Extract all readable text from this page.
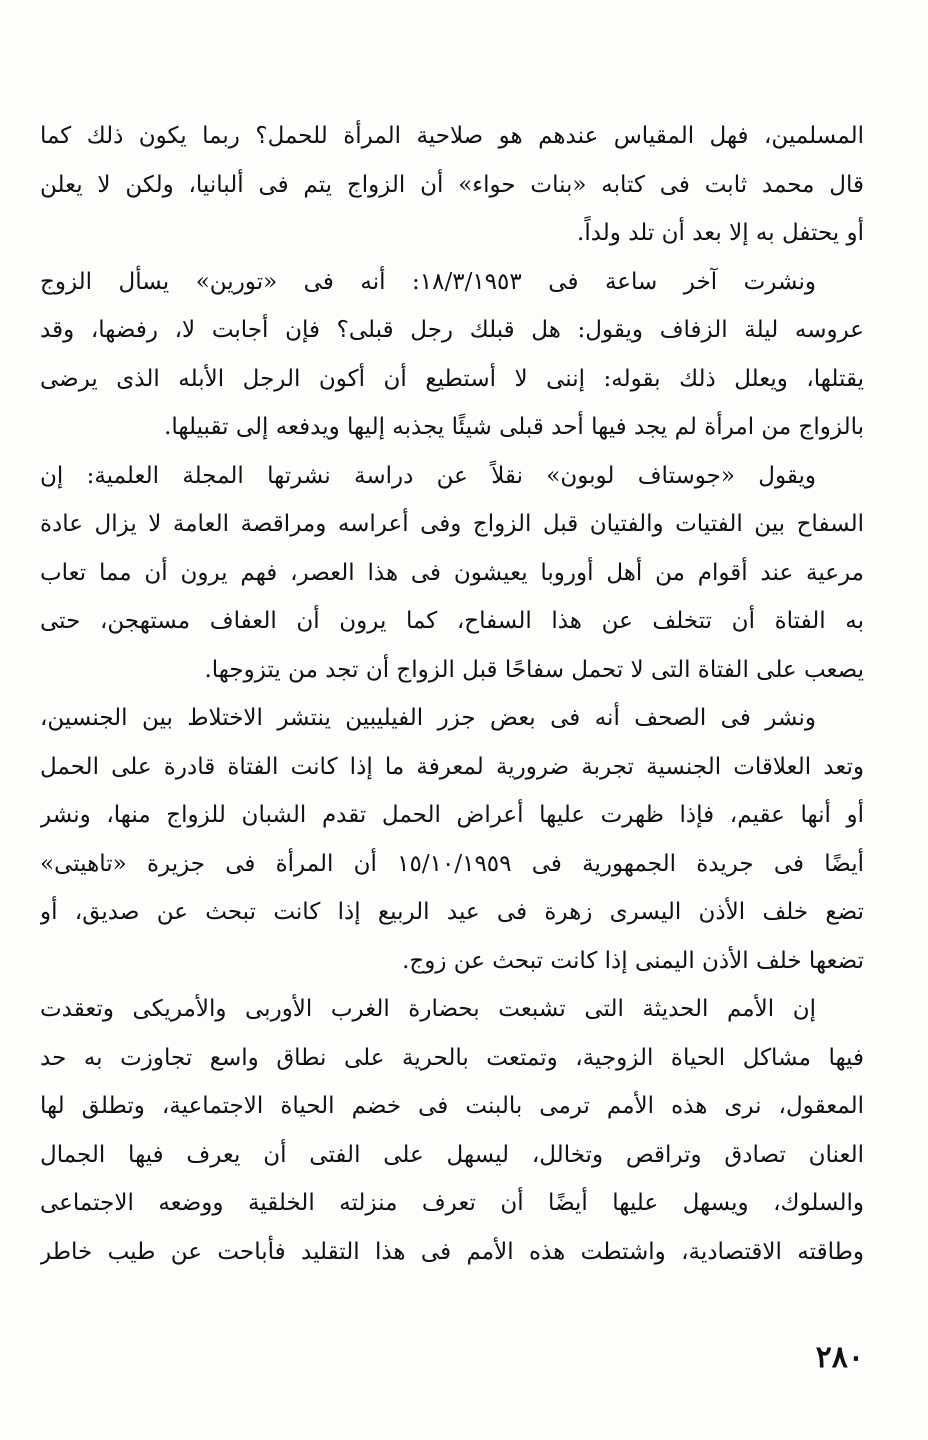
المسلمين، فهل المقياس عندهم هو صلاحية المرأة للحمل؟ ربما يكون ذلك كما
قال محمد ثابت فى كتابه «بنات حواء» أن الزواج يتم فى ألبانيا، ولكن لا يعلن
أو يحتفل به إلا بعد أن تلد ولداً.
ونشرت آخر ساعة فى ١٨/٣/١٩٥٣: أنه فى «تورين» يسأل الزوج
عروسه ليلة الزفاف ويقول: هل قبلك رجل قبلى؟ فإن أجابت لا، رفضها، وقد
يقتلها، ويعلل ذلك بقوله: إننى لا أستطيع أن أكون الرجل الأبله الذى يرضى
بالزواج من امرأة لم يجد فيها أحد قبلى شيئًا يجذبه إليها ويدفعه إلى تقبيلها.
ويقول «جوستاف لوبون» نقلاً عن دراسة نشرتها المجلة العلمية: إن
السفاح بين الفتيات والفتيان قبل الزواج وفى أعراسه ومراقصة العامة لا يزال عادة
مرعية عند أقوام من أهل أوروبا يعيشون فى هذا العصر، فهم يرون أن مما تعاب
به الفتاة أن تتخلف عن هذا السفاح، كما يرون أن العفاف مستهجن، حتى
يصعب على الفتاة التى لا تحمل سفاحًا قبل الزواج أن تجد من يتزوجها.
ونشر فى الصحف أنه فى بعض جزر الفيليبين ينتشر الاختلاط بين الجنسين،
وتعد العلاقات الجنسية تجربة ضرورية لمعرفة ما إذا كانت الفتاة قادرة على الحمل
أو أنها عقيم، فإذا ظهرت عليها أعراض الحمل تقدم الشبان للزواج منها، ونشر
أيضًا فى جريدة الجمهورية فى ١٥/١٠/١٩٥٩ أن المرأة فى جزيرة «تاهيتى»
تضع خلف الأذن اليسرى زهرة فى عيد الربيع إذا كانت تبحث عن صديق، أو
تضعها خلف الأذن اليمنى إذا كانت تبحث عن زوج.
إن الأمم الحديثة التى تشبعت بحضارة الغرب الأوربى والأمريكى وتعقدت
فيها مشاكل الحياة الزوجية، وتمتعت بالحرية على نطاق واسع تجاوزت به حد
المعقول، نرى هذه الأمم ترمى بالبنت فى خضم الحياة الاجتماعية، وتطلق لها
العنان تصادق وتراقص وتخالل، ليسهل على الفتى أن يعرف فيها الجمال
والسلوك، ويسهل عليها أيضًا أن تعرف منزلته الخلقية ووضعه الاجتماعى
وطاقته الاقتصادية، واشتطت هذه الأمم فى هذا التقليد فأباحت عن طيب خاطر
٢٨٠
